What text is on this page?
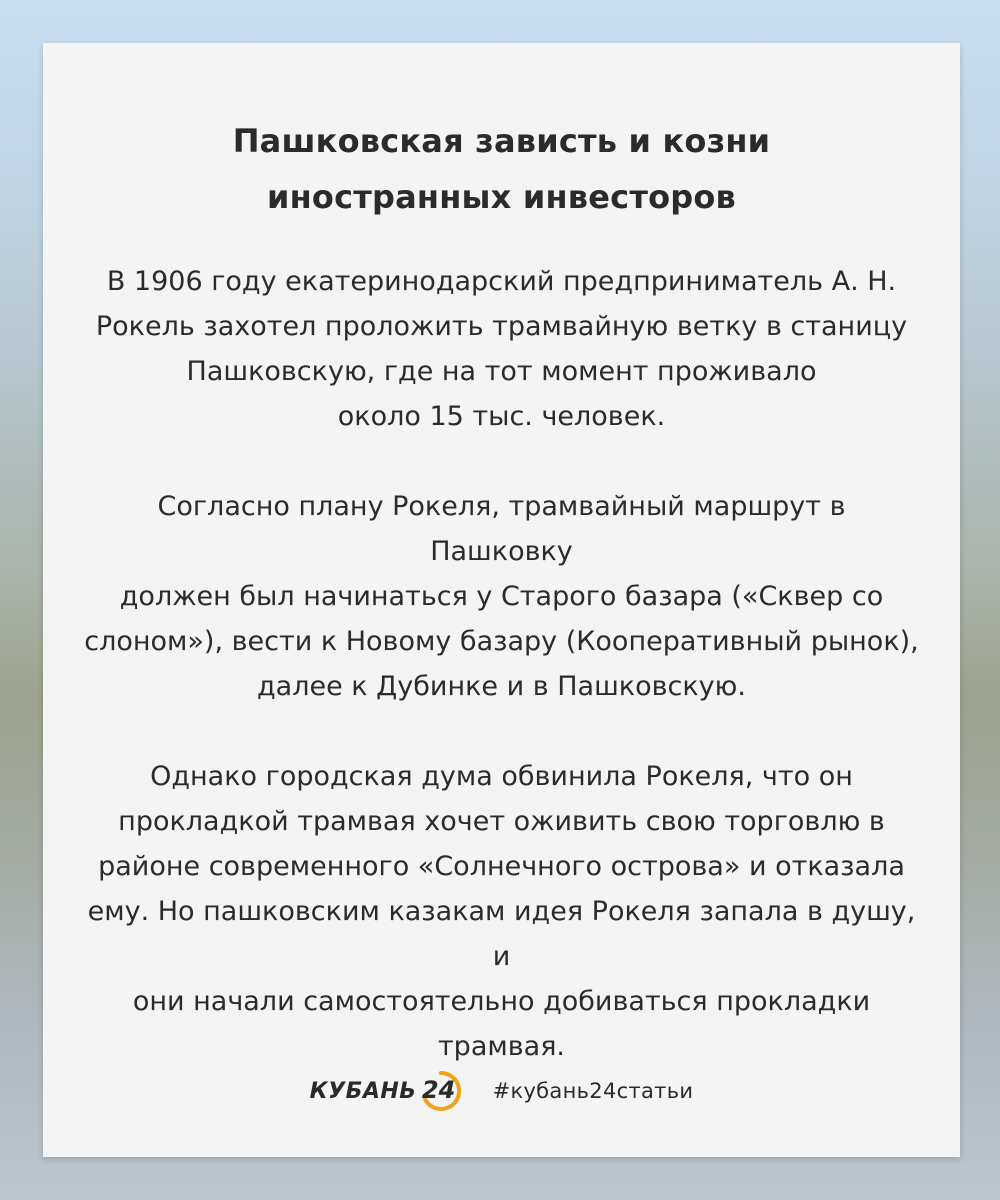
Пашковская зависть и козни
иностранных инвесторов

В 1906 году екатеринодарский предприниматель А. Н.
Рокель захотел проложить трамвайную ветку в станицу
Пашковскую, где на тот момент проживало
около 15 тыс. человек.

Согласно плану Рокеля, трамвайный маршрут в Пашковку
должен был начинаться у Старого базара («Сквер со
слоном»), вести к Новому базару (Кооперативный рынок),
далее к Дубинке и в Пашковскую.

Однако городская дума обвинила Рокеля, что он
прокладкой трамвая хочет оживить свою торговлю в
районе современного «Солнечного острова» и отказала
ему. Но пашковским казакам идея Рокеля запала в душу, и
они начали самостоятельно добиваться прокладки
трамвая.

КУБАНЬ 24 #кубань24статьи
